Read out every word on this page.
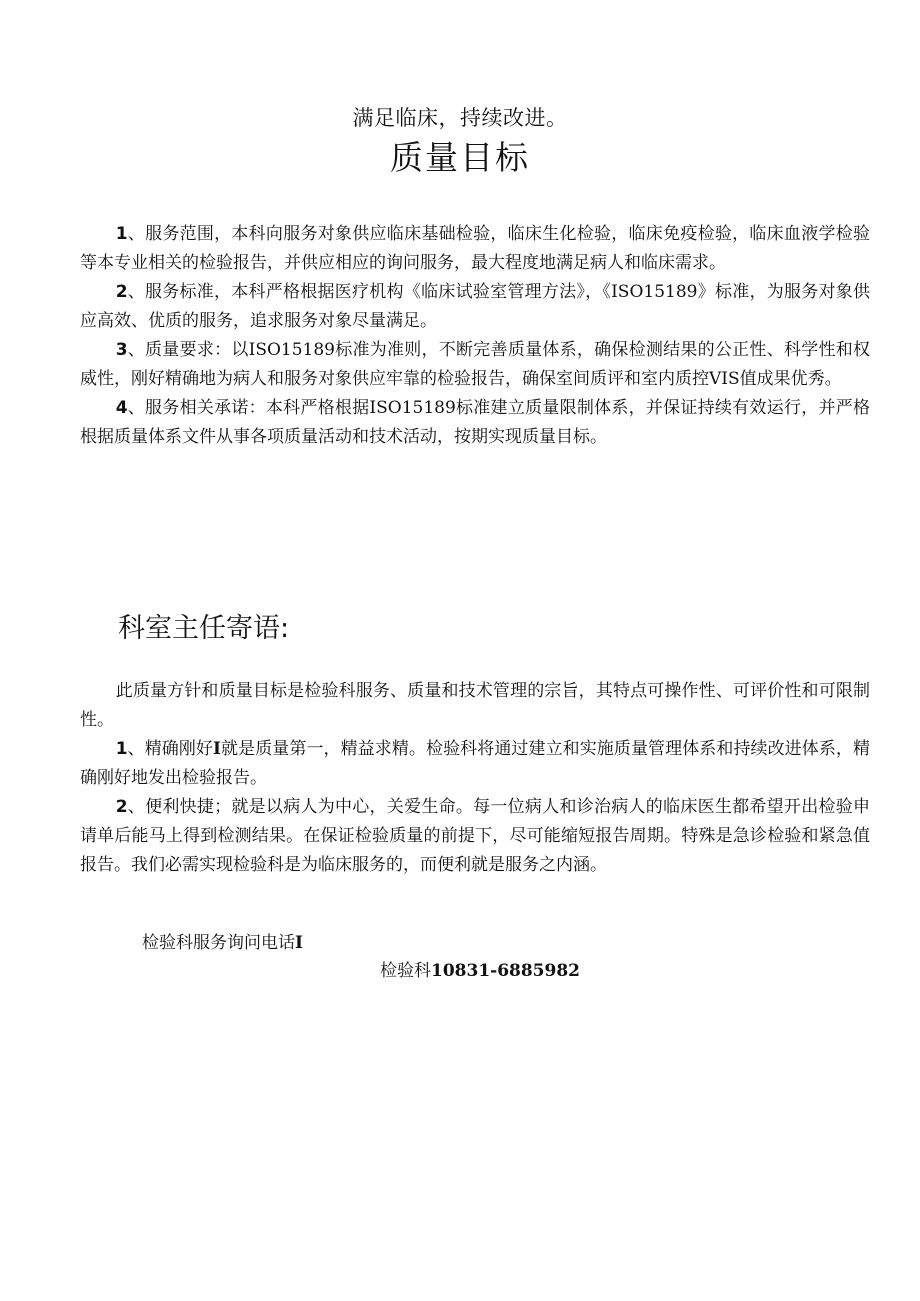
满足临床，持续改进。
质量目标

1、服务范围，本科向服务对象供应临床基础检验，临床生化检验，临床免疫检验，临床血液学检验等本专业相关的检验报告，并供应相应的询问服务，最大程度地满足病人和临床需求。

2、服务标准，本科严格根据医疗机构《临床试验室管理方法》，《ISO15189》标准，为服务对象供应高效、优质的服务，追求服务对象尽量满足。

3、质量要求：以ISO15189标准为准则，不断完善质量体系，确保检测结果的公正性、科学性和权威性，刚好精确地为病人和服务对象供应牢靠的检验报告，确保室间质评和室内质控VIS值成果优秀。

4、服务相关承诺：本科严格根据ISO15189标准建立质量限制体系，并保证持续有效运行，并严格根据质量体系文件从事各项质量活动和技术活动，按期实现质量目标。

科室主任寄语:

此质量方针和质量目标是检验科服务、质量和技术管理的宗旨，其特点可操作性、可评价性和可限制性。

1、精确刚好I就是质量第一，精益求精。检验科将通过建立和实施质量管理体系和持续改进体系，精确刚好地发出检验报告。

2、便利快捷；就是以病人为中心，关爱生命。每一位病人和诊治病人的临床医生都希望开出检验申请单后能马上得到检测结果。在保证检验质量的前提下，尽可能缩短报告周期。特殊是急诊检验和紧急值报告。我们必需实现检验科是为临床服务的，而便利就是服务之内涵。

检验科服务询问电话I
检验科10831-6885982
